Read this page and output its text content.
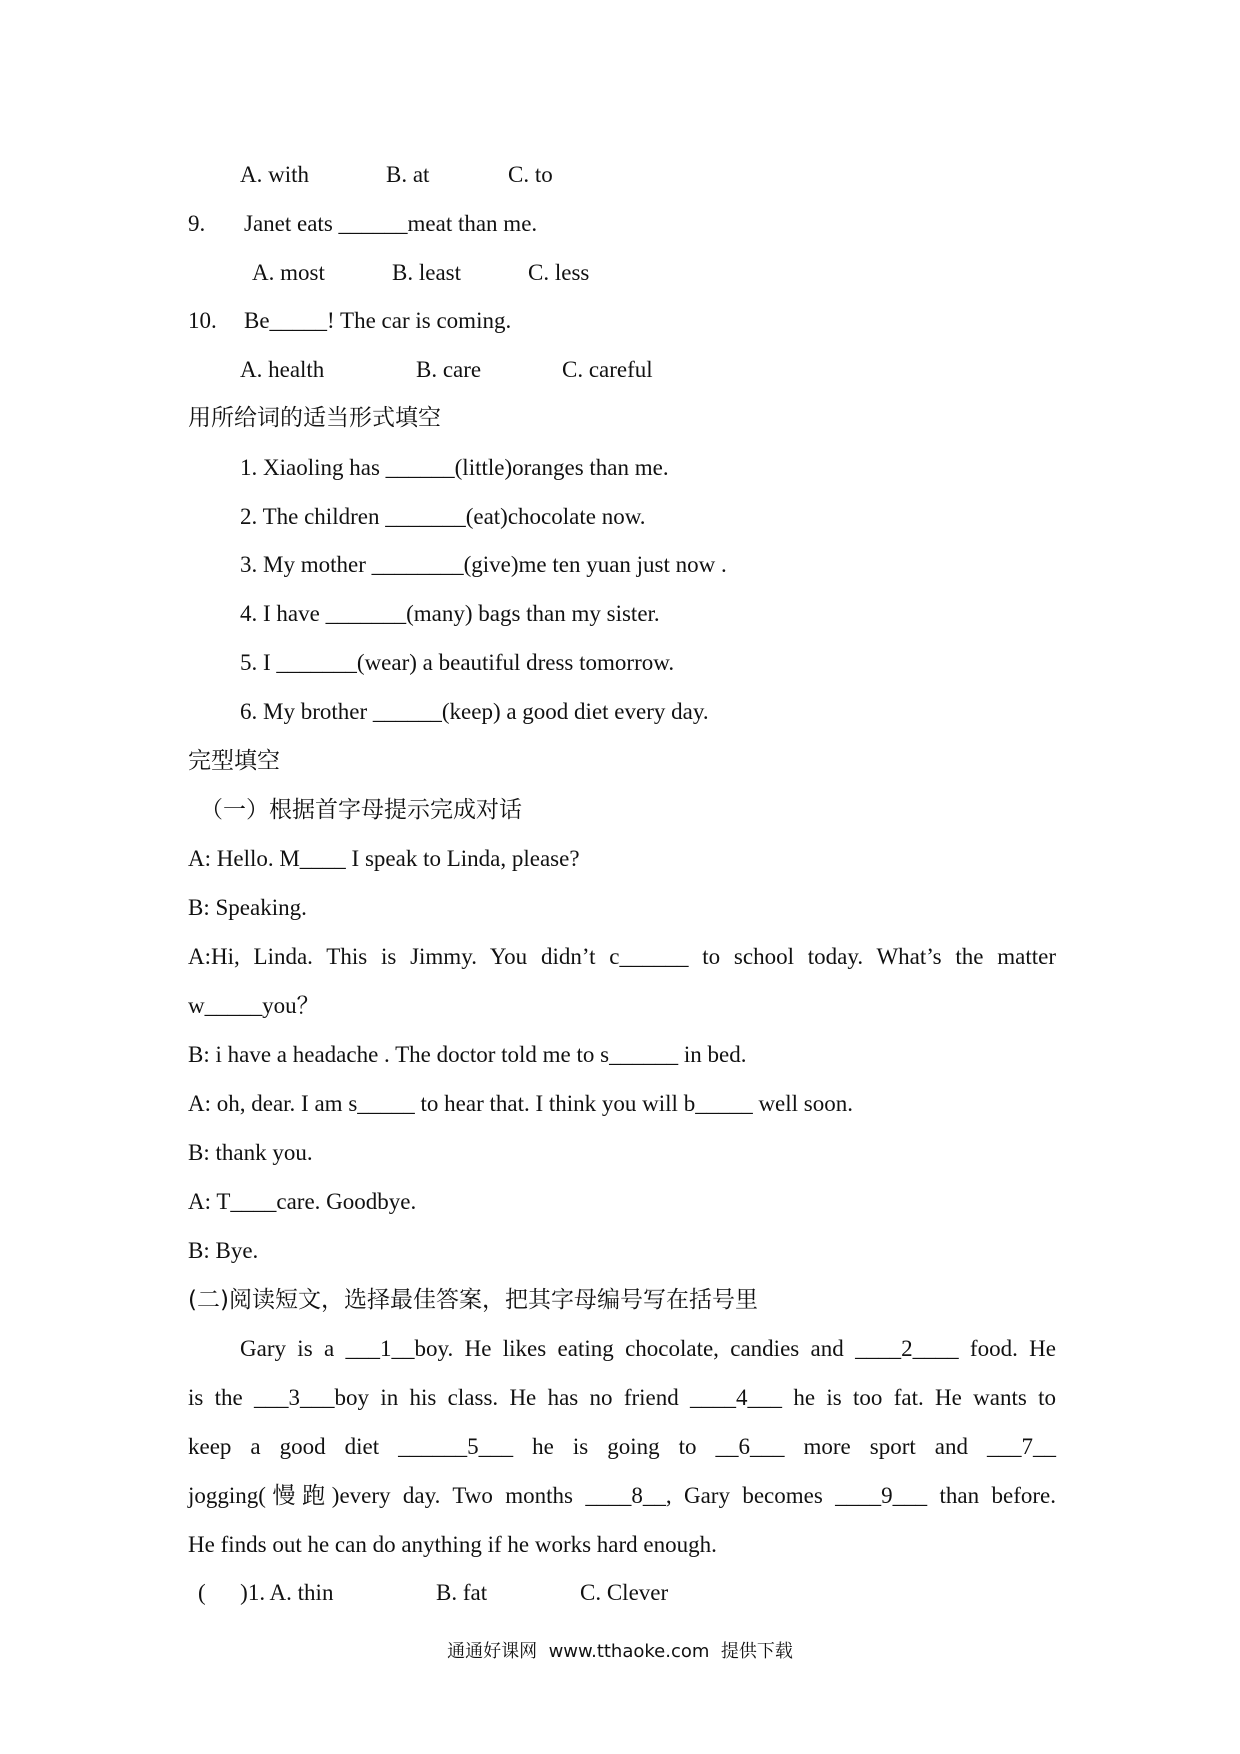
A. with	B. at	C. to
9. Janet eats ______meat than me.
A. most	B. least	C. less
10. Be_____! The car is coming.
A. health	B. care	C. careful
用所给词的适当形式填空
1. Xiaoling has ______(little)oranges than me.
2. The children _______(eat)chocolate now.
3. My mother ________(give)me ten yuan just now .
4. I have _______(many) bags than my sister.
5. I _______(wear) a beautiful dress tomorrow.
6. My brother ______(keep) a good diet every day.
完型填空
（一）根据首字母提示完成对话
A: Hello. M____ I speak to Linda, please?
B: Speaking.
A:Hi, Linda. This is Jimmy. You didn’t c______ to school today. What’s the matter
w_____you？
B: i have a headache . The doctor told me to s______ in bed.
A: oh, dear. I am s_____ to hear that. I think you will b_____ well soon.
B: thank you.
A: T____care. Goodbye.
B: Bye.
(二)阅读短文，选择最佳答案，把其字母编号写在括号里
Gary is a ___1__boy. He likes eating chocolate, candies and ____2____ food. He
is the ___3___boy in his class. He has no friend ____4___ he is too fat. He wants to
keep a good diet ______5___ he is going to __6___ more sport and ___7__
jogging(慢跑)every day. Two months ____8__, Gary becomes ____9___ than before.
He finds out he can do anything if he works hard enough.
(      )1. A. thin	B. fat	C. Clever
通通好课网  www.tthaoke.com  提供下载
